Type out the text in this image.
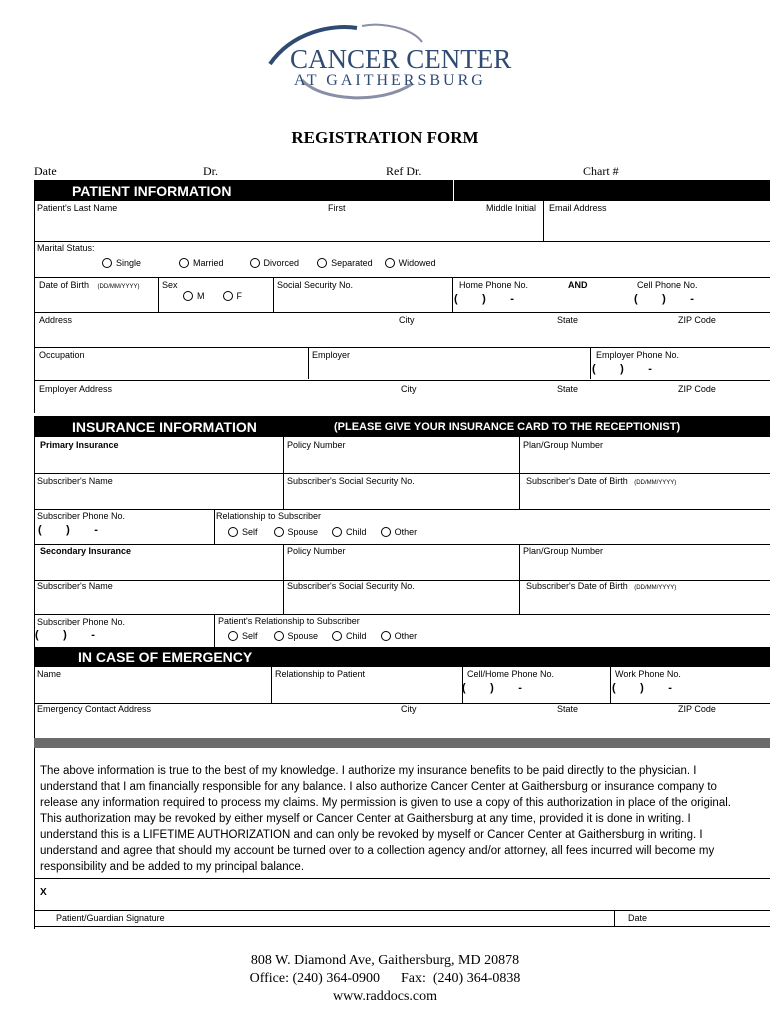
CANCER CENTER
AT GAITHERSBURG
REGISTRATION FORM
Date	Dr.	Ref Dr.	Chart #
PATIENT INFORMATION
Patient's Last Name	First	Middle Initial Email Address
Marital Status:
Single	Married	Divorced	Separated	Widowed
Date of Birth (DD/MM/YYYY) Sex
M	F
Social Security No.	Home Phone No.
(        )        -
AND	Cell Phone No.
(        )        -
Address	City	State	ZIP Code
Occupation	Employer	Employer Phone No.
(        )        -
Employer Address	City	State	ZIP Code
INSURANCE INFORMATION	(PLEASE GIVE YOUR INSURANCE CARD TO THE RECEPTIONIST)
Primary Insurance	Policy Number	Plan/Group Number
Subscriber's Name	Subscriber's Social Security No.	Subscriber's Date of Birth (DD/MM/YYYY)
Subscriber Phone No.
(        )        -
Relationship to Subscriber
Self	Spouse	Child	Other
Secondary Insurance	Policy Number	Plan/Group Number
Subscriber's Name	Subscriber's Social Security No.	Subscriber's Date of Birth (DD/MM/YYYY)
Subscriber Phone No.
(        )        -
Patient's Relationship to Subscriber
Self	Spouse	Child	Other
IN CASE OF EMERGENCY
Name	Relationship to Patient	Cell/Home Phone No.
(        )        -
Work Phone No.
(        )        -
Emergency Contact Address	City	State	ZIP Code
The above information is true to the best of my knowledge. I authorize my insurance benefits to be paid directly to the physician. I
understand that I am financially responsible for any balance. I also authorize Cancer Center at Gaithersburg or insurance company to
release any information required to process my claims. My permission is given to use a copy of this authorization in place of the original.
This authorization may be revoked by either myself or Cancer Center at Gaithersburg at any time, provided it is done in writing. I
understand this is a LIFETIME AUTHORIZATION and can only be revoked by myself or Cancer Center at Gaithersburg in writing. I
understand and agree that should my account be turned over to a collection agency and/or attorney, all fees incurred will become my
responsibility and be added to my principal balance.
X
Patient/Guardian Signature	Date
808 W. Diamond Ave, Gaithersburg, MD 20878
Office: (240) 364-0900      Fax:  (240) 364-0838
www.raddocs.com
